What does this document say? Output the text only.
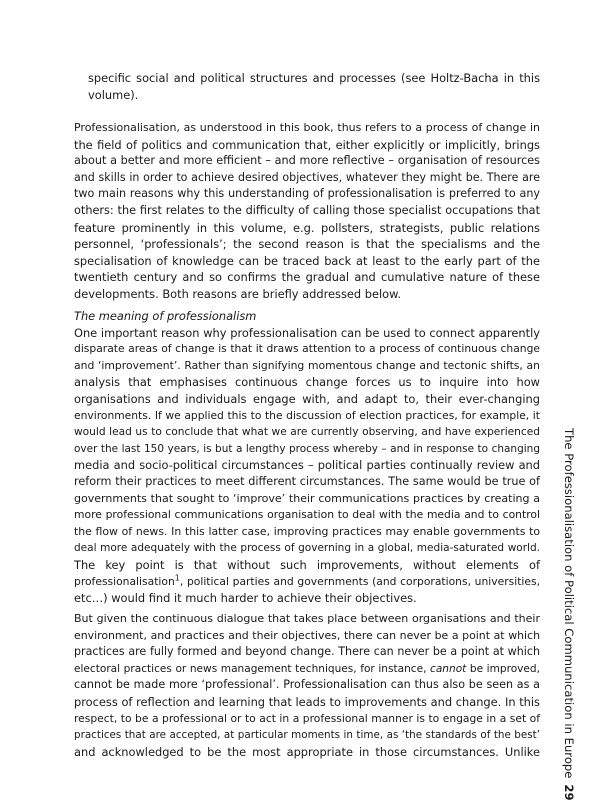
specific social and political structures and processes (see Holtz-Bacha in this
volume).
Professionalisation, as understood in this book, thus refers to a process of change in
the field of politics and communication that, either explicitly or implicitly, brings
about a better and more efficient – and more reflective – organisation of resources
and skills in order to achieve desired objectives, whatever they might be. There are
two main reasons why this understanding of professionalisation is preferred to any
others: the first relates to the difficulty of calling those specialist occupations that
feature prominently in this volume, e.g. pollsters, strategists, public relations
personnel, ‘professionals’; the second reason is that the specialisms and the
specialisation of knowledge can be traced back at least to the early part of the
twentieth century and so confirms the gradual and cumulative nature of these
developments. Both reasons are briefly addressed below.
The meaning of professionalism
One important reason why professionalisation can be used to connect apparently
disparate areas of change is that it draws attention to a process of continuous change
and ‘improvement’. Rather than signifying momentous change and tectonic shifts, an
analysis that emphasises continuous change forces us to inquire into how
organisations and individuals engage with, and adapt to, their ever-changing
environments. If we applied this to the discussion of election practices, for example, it
would lead us to conclude that what we are currently observing, and have experienced
over the last 150 years, is but a lengthy process whereby – and in response to changing
media and socio-political circumstances – political parties continually review and
reform their practices to meet different circumstances. The same would be true of
governments that sought to ‘improve’ their communications practices by creating a
more professional communications organisation to deal with the media and to control
the flow of news. In this latter case, improving practices may enable governments to
deal more adequately with the process of governing in a global, media-saturated world.
The key point is that without such improvements, without elements of
professionalisation$^1$, political parties and governments (and corporations, universities,
etc…) would find it much harder to achieve their objectives.
But given the continuous dialogue that takes place between organisations and their
environment, and practices and their objectives, there can never be a point at which
practices are fully formed and beyond change. There can never be a point at which
electoral practices or news management techniques, for instance, cannot be improved,
cannot be made more ‘professional’. Professionalisation can thus also be seen as a
process of reflection and learning that leads to improvements and change. In this
respect, to be a professional or to act in a professional manner is to engage in a set of
practices that are accepted, at particular moments in time, as ‘the standards of the best’
and acknowledged to be the most appropriate in those circumstances. Unlike The Professionalisation of Political Communication in Europe
29
